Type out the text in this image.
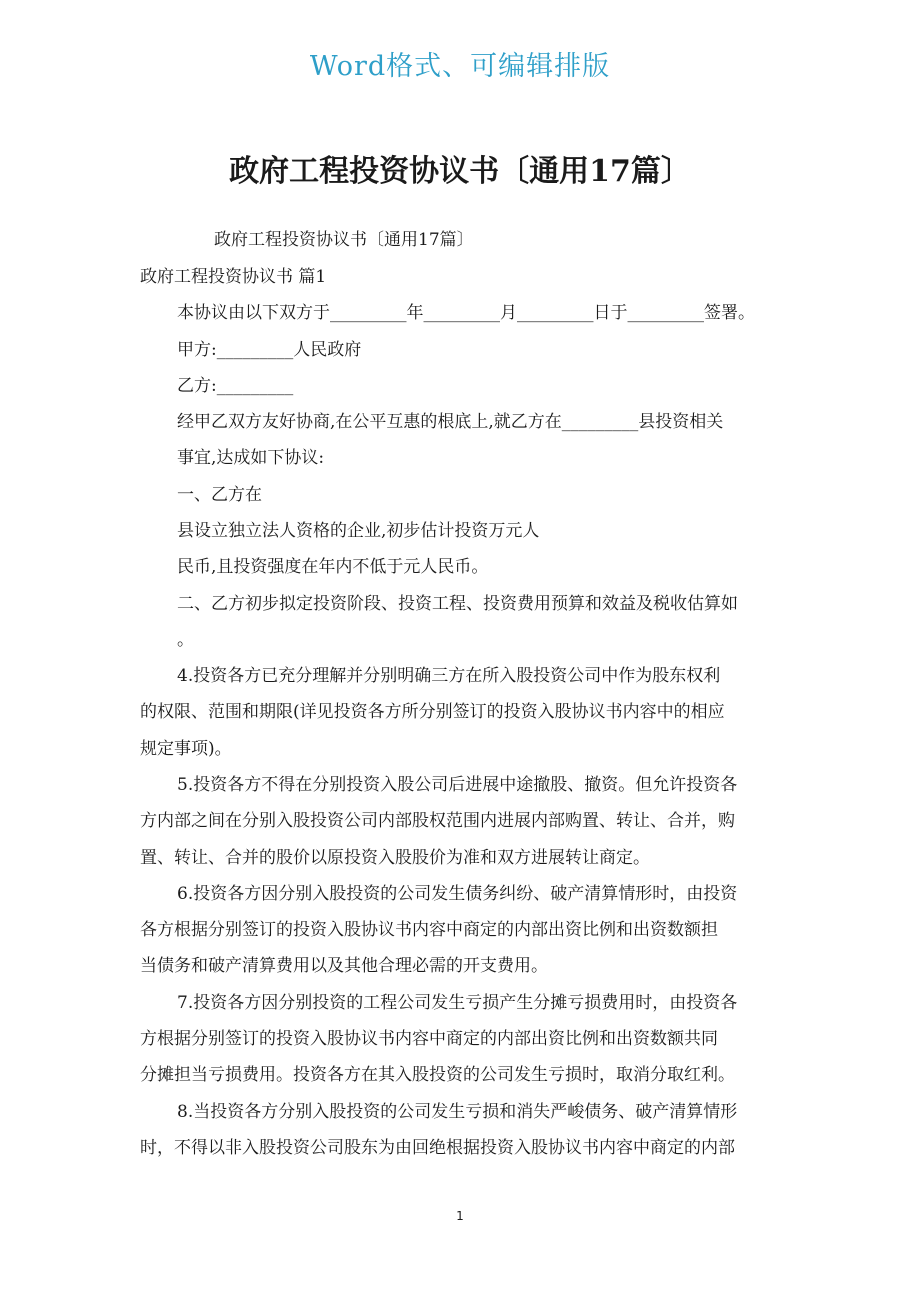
Word格式、可编辑排版
政府工程投资协议书〔通用17篇〕
政府工程投资协议书〔通用17篇〕
政府工程投资协议书 篇1
本协议由以下双方于_________年_________月_________日于_________签署。
甲方:_________人民政府
乙方:_________
经甲乙双方友好协商,在公平互惠的根底上,就乙方在_________县投资相关
事宜,达成如下协议:
一、乙方在
县设立独立法人资格的企业,初步估计投资万元人
民币,且投资强度在年内不低于元人民币。
二、乙方初步拟定投资阶段、投资工程、投资费用预算和效益及税收估算如
。
4.投资各方已充分理解并分别明确三方在所入股投资公司中作为股东权利
的权限、范围和期限(详见投资各方所分别签订的投资入股协议书内容中的相应
规定事项)。
5.投资各方不得在分别投资入股公司后进展中途撤股、撤资。但允许投资各
方内部之间在分别入股投资公司内部股权范围内进展内部购置、转让、合并，购
置、转让、合并的股价以原投资入股股价为准和双方进展转让商定。
6.投资各方因分别入股投资的公司发生债务纠纷、破产清算情形时，由投资
各方根据分别签订的投资入股协议书内容中商定的内部出资比例和出资数额担
当债务和破产清算费用以及其他合理必需的开支费用。
7.投资各方因分别投资的工程公司发生亏损产生分摊亏损费用时，由投资各
方根据分别签订的投资入股协议书内容中商定的内部出资比例和出资数额共同
分摊担当亏损费用。投资各方在其入股投资的公司发生亏损时，取消分取红利。
8.当投资各方分别入股投资的公司发生亏损和消失严峻债务、破产清算情形
时，不得以非入股投资公司股东为由回绝根据投资入股协议书内容中商定的内部
1
